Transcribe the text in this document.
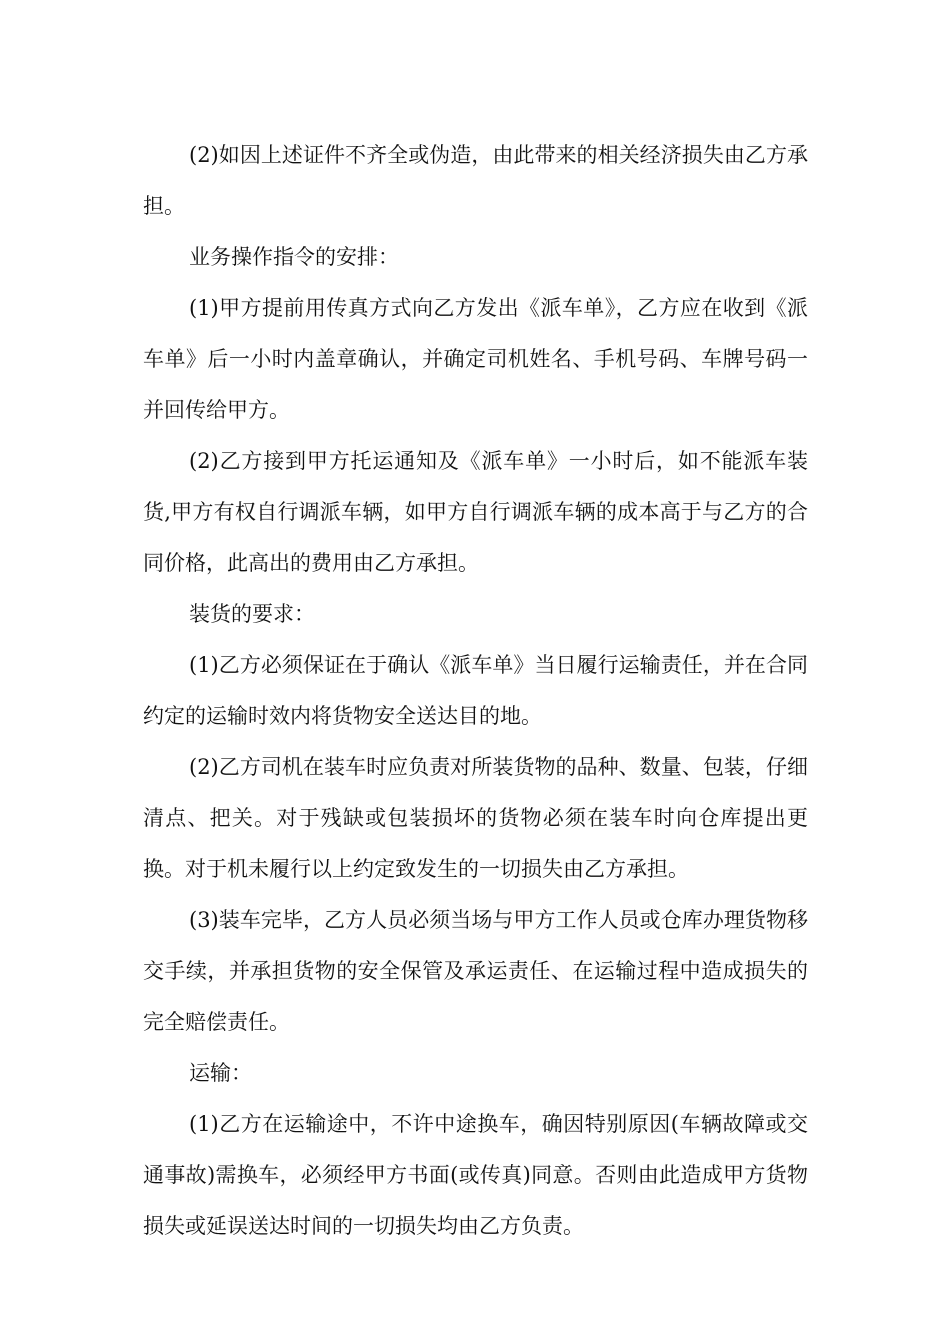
(2)如因上述证件不齐全或伪造，由此带来的相关经济损失由乙方承担。

业务操作指令的安排：

(1)甲方提前用传真方式向乙方发出《派车单》，乙方应在收到《派车单》后一小时内盖章确认，并确定司机姓名、手机号码、车牌号码一并回传给甲方。

(2)乙方接到甲方托运通知及《派车单》一小时后，如不能派车装货,甲方有权自行调派车辆，如甲方自行调派车辆的成本高于与乙方的合同价格，此高出的费用由乙方承担。

装货的要求：

(1)乙方必须保证在于确认《派车单》当日履行运输责任，并在合同约定的运输时效内将货物安全送达目的地。

(2)乙方司机在装车时应负责对所装货物的品种、数量、包装，仔细清点、把关。对于残缺或包装损坏的货物必须在装车时向仓库提出更换。对于机未履行以上约定致发生的一切损失由乙方承担。

(3)装车完毕，乙方人员必须当场与甲方工作人员或仓库办理货物移交手续，并承担货物的安全保管及承运责任、在运输过程中造成损失的完全赔偿责任。

运输：

(1)乙方在运输途中，不许中途换车，确因特别原因(车辆故障或交通事故)需换车，必须经甲方书面(或传真)同意。否则由此造成甲方货物损失或延误送达时间的一切损失均由乙方负责。
